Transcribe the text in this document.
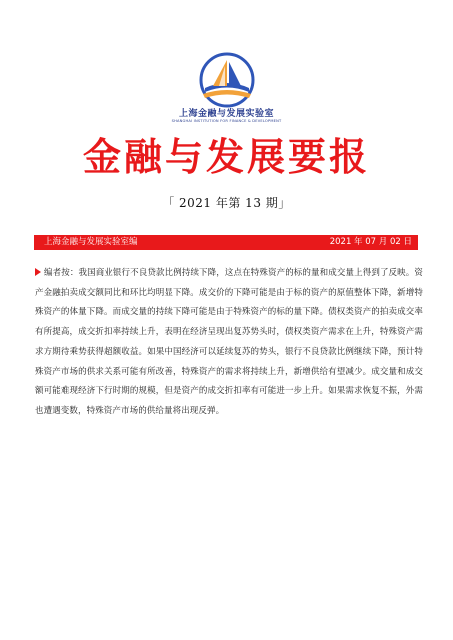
上海金融与发展实验室
SHANGHAI INSTITUTION FOR FINANCE & DEVELOPMENT
金融与发展要报
「 2021 年第 13 期」
上海金融与发展实验室编	2021 年 07 月 02 日
编者按：我国商业银行不良贷款比例持续下降，这点在特殊资产的标的量和成交量上得到了反映。资产金融拍卖成交额同比和环比均明显下降。成交价的下降可能是由于标的资产的原值整体下降，新增特殊资产的体量下降。而成交量的持续下降可能是由于特殊资产的标的量下降。债权类资产的拍卖成交率有所提高，成交折扣率持续上升，表明在经济呈现出复苏势头时，债权类资产需求在上升，特殊资产需求方期待乘势获得超额收益。如果中国经济可以延续复苏的势头，银行不良贷款比例继续下降，预计特殊资产市场的供求关系可能有所改善，特殊资产的需求将持续上升，新增供给有望减少。成交量和成交额可能难现经济下行时期的规模，但是资产的成交折扣率有可能进一步上升。如果需求恢复不振，外需也遭遇变数，特殊资产市场的供给量将出现反弹。
